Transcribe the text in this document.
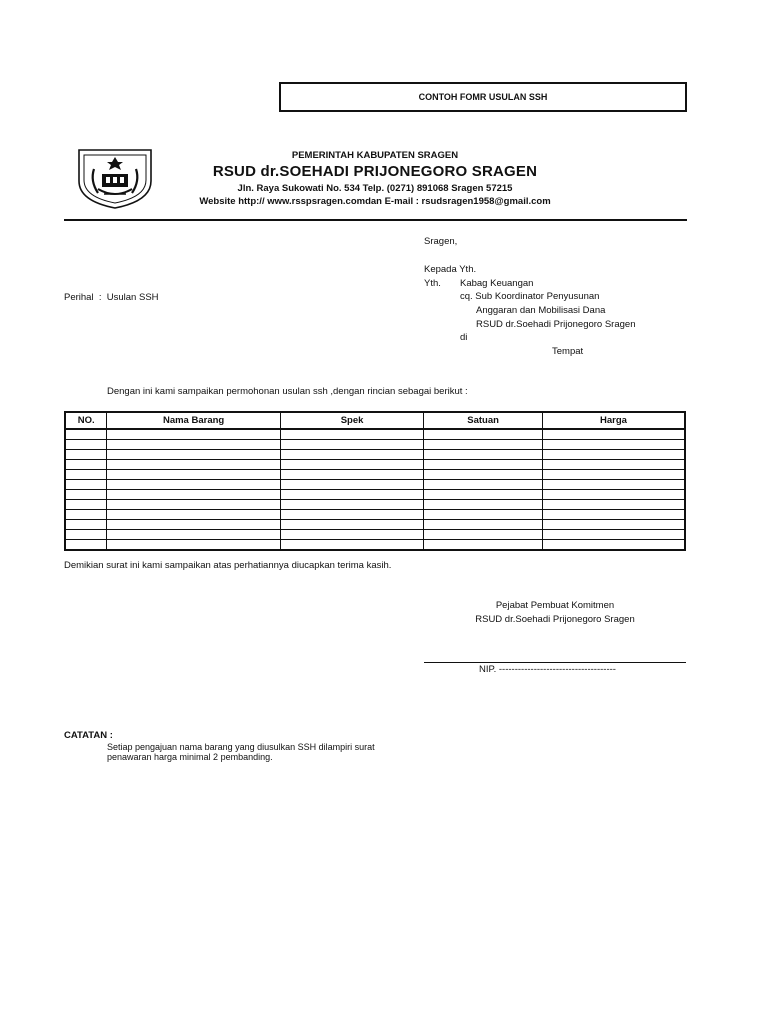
CONTOH FOMR USULAN SSH
PEMERINTAH KABUPATEN SRAGEN
RSUD dr.SOEHADI PRIJONEGORO SRAGEN
Jln. Raya Sukowati No. 534 Telp. (0271) 891068 Sragen 57215
Website http:// www.rsspsragen.comdan E-mail : rsudsragen1958@gmail.com
Sragen,
Kepada Yth.
Yth. Kabag Keuangan
cq. Sub Koordinator Penyusunan
Anggaran dan Mobilisasi Dana
RSUD dr.Soehadi Prijonegoro Sragen
di
Tempat
Perihal  :  Usulan SSH
Dengan ini kami sampaikan permohonan usulan ssh ,dengan rincian sebagai berikut :
NO.	Nama Barang	Spek	Satuan	Harga

Demikian surat ini kami sampaikan atas perhatiannya diucapkan terima kasih.
Pejabat Pembuat Komitmen
RSUD dr.Soehadi Prijonegoro Sragen
NIP. -------------------------------------
CATATAN :
Setiap pengajuan nama barang yang diusulkan SSH dilampiri surat
penawaran harga minimal 2 pembanding.
